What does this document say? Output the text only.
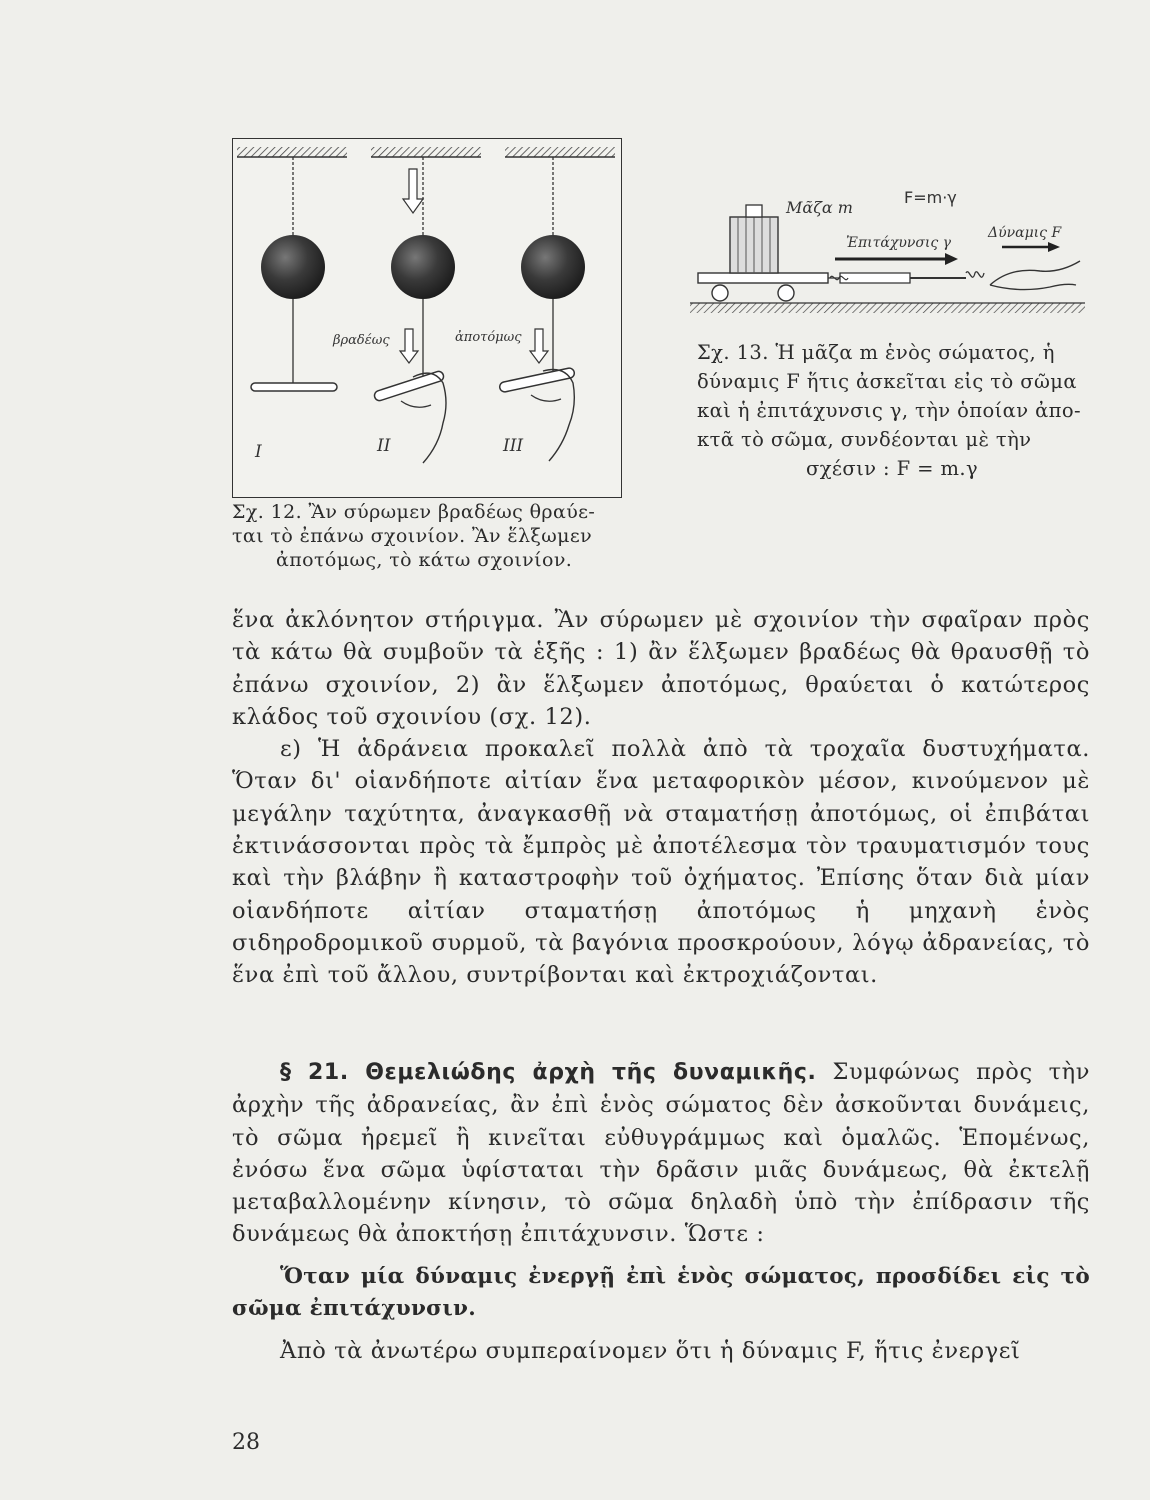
βραδέως	ἀποτόμως
I	II	III
Σχ. 12. Ἂν σύρωμεν βραδέως θραύε-
ται τὸ ἐπάνω σχοινίον. Ἂν ἕλξωμεν
ἀποτόμως, τὸ κάτω σχοινίον.
Μᾶζα m
F=m·γ
Ἐπιτάχυνσις γ
Δύναμις F
Σχ. 13. Ἡ μᾶζα m ἑνὸς σώματος, ἡ
δύναμις F ἥτις ἀσκεῖται εἰς τὸ σῶμα
καὶ ἡ ἐπιτάχυνσις γ, τὴν ὁποίαν ἀπο-
κτᾶ τὸ σῶμα, συνδέονται μὲ τὴν
σχέσιν : F = m.γ

ἕνα ἀκλόνητον στήριγμα. Ἂν σύρωμεν μὲ σχοινίον τὴν σφαῖραν πρὸς τὰ κάτω θὰ συμβοῦν τὰ ἑξῆς : 1) ἂν ἕλξωμεν βραδέως θὰ θραυσθῇ τὸ ἐπάνω σχοινίον, 2) ἂν ἕλξωμεν ἀποτόμως, θραύεται ὁ κατώτερος κλάδος τοῦ σχοινίου (σχ. 12).

ε) Ἡ ἀδράνεια προκαλεῖ πολλὰ ἀπὸ τὰ τροχαῖα δυστυχήματα. Ὅταν δι' οἱανδήποτε αἰτίαν ἕνα μεταφορικὸν μέσον, κινούμενον μὲ μεγάλην ταχύτητα, ἀναγκασθῇ νὰ σταματήσῃ ἀποτόμως, οἱ ἐπιβάται ἐκτινάσσονται πρὸς τὰ ἔμπρὸς μὲ ἀποτέλεσμα τὸν τραυματισμόν τους καὶ τὴν βλάβην ἢ καταστροφὴν τοῦ ὀχήματος. Ἐπίσης ὅταν διὰ μίαν οἱανδήποτε αἰτίαν σταματήσῃ ἀποτόμως ἡ μηχανὴ ἑνὸς σιδηροδρομικοῦ συρμοῦ, τὰ βαγόνια προσκρούουν, λόγῳ ἀδρανείας, τὸ ἕνα ἐπὶ τοῦ ἄλλου, συντρίβονται καὶ ἐκτροχιάζονται.

§ 21. Θεμελιώδης ἀρχὴ τῆς δυναμικῆς. Συμφώνως πρὸς τὴν ἀρχὴν τῆς ἀδρανείας, ἂν ἐπὶ ἑνὸς σώματος δὲν ἀσκοῦνται δυνάμεις, τὸ σῶμα ἠρεμεῖ ἢ κινεῖται εὐθυγράμμως καὶ ὁμαλῶς. Ἑπομένως, ἐνόσω ἕνα σῶμα ὑφίσταται τὴν δρᾶσιν μιᾶς δυνάμεως, θὰ ἐκτελῇ μεταβαλλομένην κίνησιν, τὸ σῶμα δηλαδὴ ὑπὸ τὴν ἐπίδρασιν τῆς δυνάμεως θὰ ἀποκτήσῃ ἐπιτάχυνσιν. Ὥστε :

Ὅταν μία δύναμις ἐνεργῇ ἐπὶ ἑνὸς σώματος, προσδίδει εἰς τὸ σῶμα ἐπιτάχυνσιν.

Ἀπὸ τὰ ἀνωτέρω συμπεραίνομεν ὅτι ἡ δύναμις F, ἥτις ἐνεργεῖ

28
